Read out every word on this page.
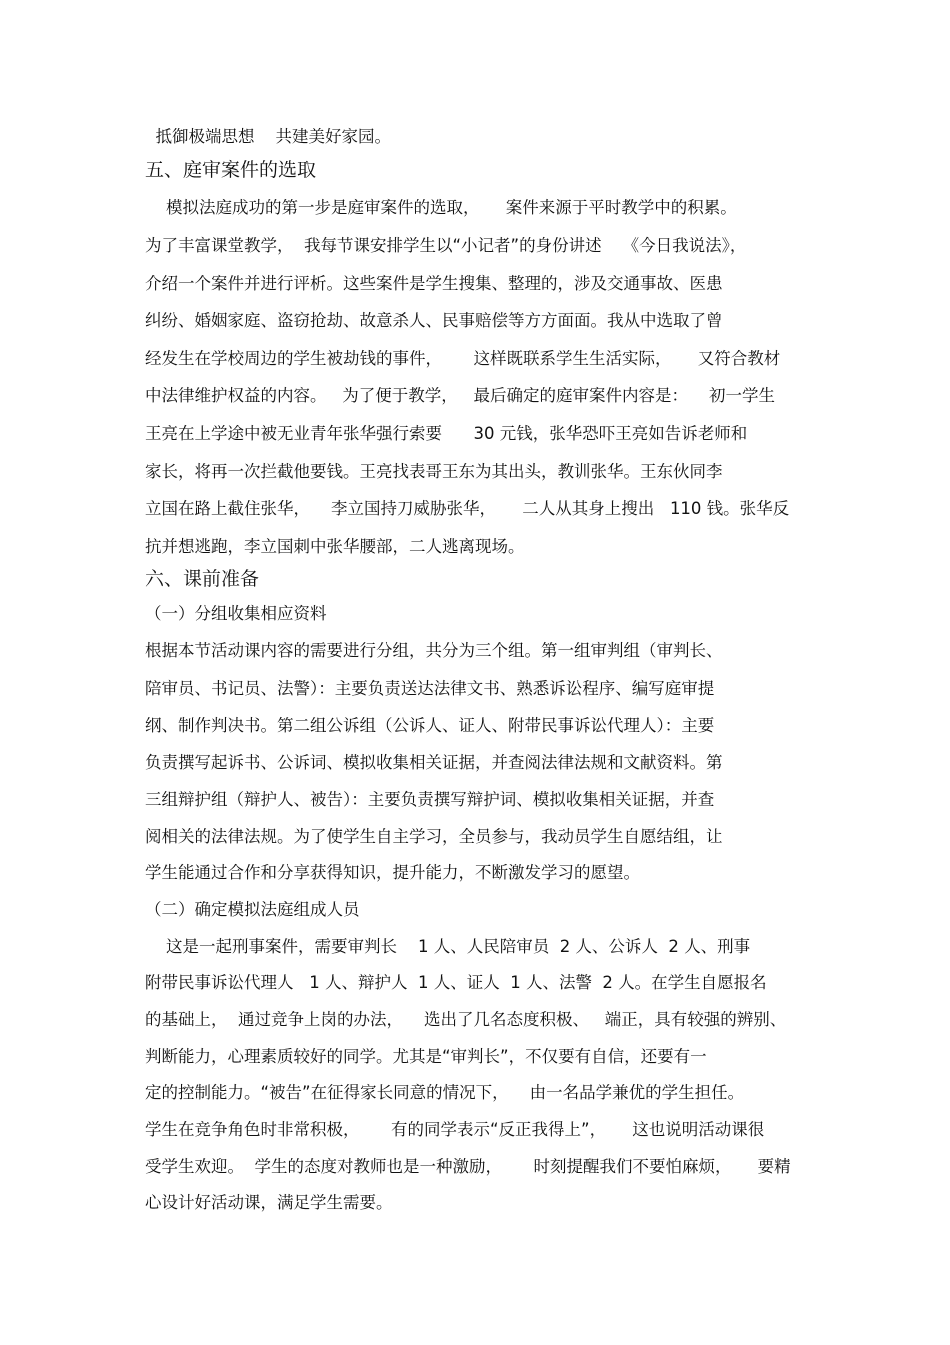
抵御极端思想    共建美好家园。
五、庭审案件的选取
模拟法庭成功的第一步是庭审案件的选取，     案件来源于平时教学中的积累。
为了丰富课堂教学，  我每节课安排学生以“小记者”的身份讲述    《今日我说法》，
介绍一个案件并进行评析。这些案件是学生搜集、整理的，涉及交通事故、医患
纠纷、婚姻家庭、盗窃抢劫、故意杀人、民事赔偿等方方面面。我从中选取了曾
经发生在学校周边的学生被劫钱的事件，      这样既联系学生生活实际，     又符合教材
中法律维护权益的内容。   为了便于教学，   最后确定的庭审案件内容是：    初一学生
王亮在上学途中被无业青年张华强行索要      30 元钱，张华恐吓王亮如告诉老师和
家长，将再一次拦截他要钱。王亮找表哥王东为其出头，教训张华。王东伙同李
立国在路上截住张华，    李立国持刀威胁张华，     二人从其身上搜出   110 钱。张华反
抗并想逃跑，李立国刺中张华腰部，二人逃离现场。
六、课前准备
（一）分组收集相应资料
根据本节活动课内容的需要进行分组，共分为三个组。第一组审判组（审判长、
陪审员、书记员、法警）：主要负责送达法律文书、熟悉诉讼程序、编写庭审提
纲、制作判决书。第二组公诉组（公诉人、证人、附带民事诉讼代理人）：主要
负责撰写起诉书、公诉词、模拟收集相关证据，并查阅法律法规和文献资料。第
三组辩护组（辩护人、被告）：主要负责撰写辩护词、模拟收集相关证据，并查
阅相关的法律法规。为了使学生自主学习，全员参与，我动员学生自愿结组，让
学生能通过合作和分享获得知识，提升能力，不断激发学习的愿望。
（二）确定模拟法庭组成人员
这是一起刑事案件，需要审判长    1 人、人民陪审员  2 人、公诉人  2 人、刑事
附带民事诉讼代理人   1 人、辩护人  1 人、证人  1 人、法警  2 人。在学生自愿报名
的基础上，  通过竞争上岗的办法，    选出了几名态度积极、   端正，具有较强的辨别、
判断能力，心理素质较好的同学。尤其是“审判长”，不仅要有自信，还要有一
定的控制能力。“被告”在征得家长同意的情况下，    由一名品学兼优的学生担任。
学生在竞争角色时非常积极，      有的同学表示“反正我得上”，     这也说明活动课很
受学生欢迎。  学生的态度对教师也是一种激励，      时刻提醒我们不要怕麻烦，     要精
心设计好活动课，满足学生需要。
